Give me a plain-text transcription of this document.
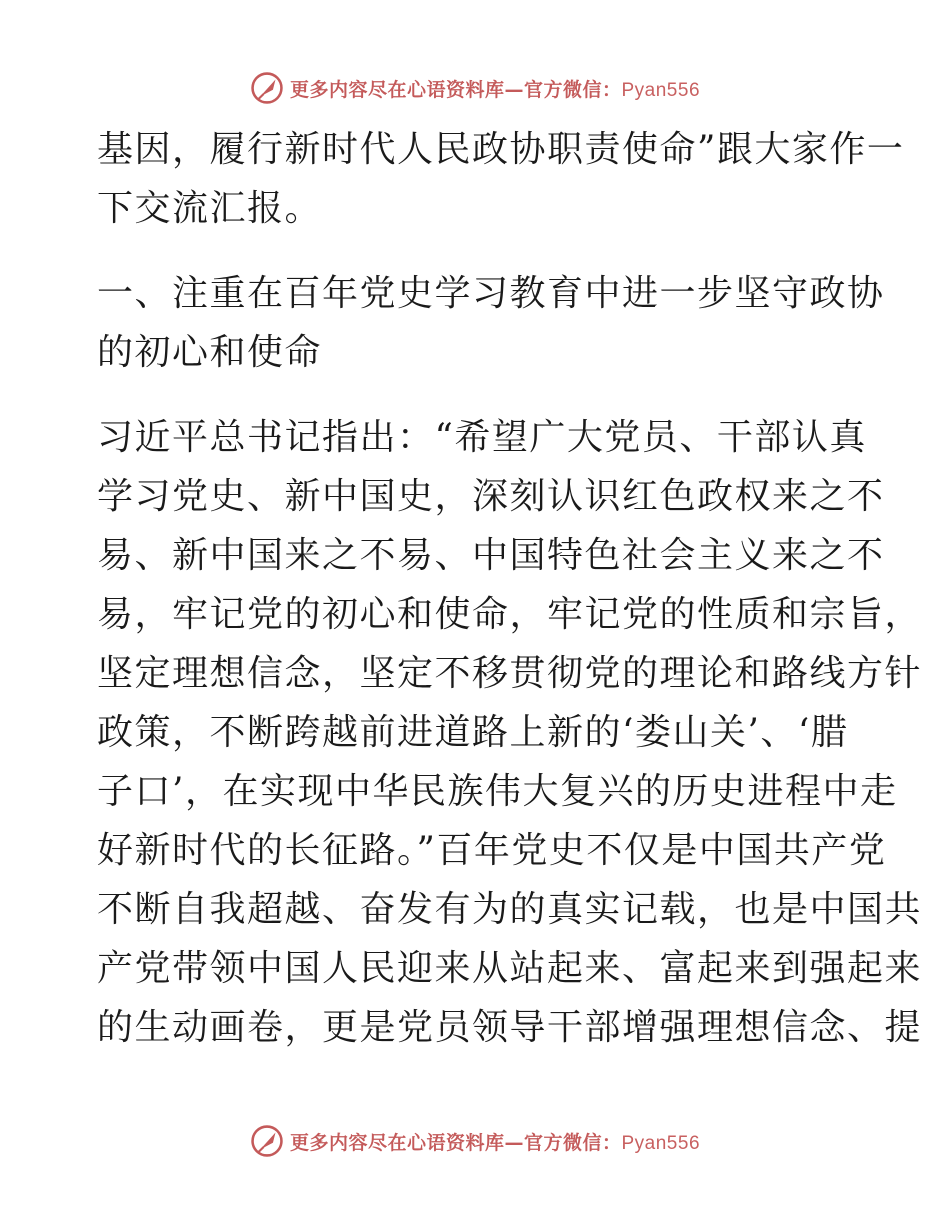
更多内容尽在心语资料库—官方微信：Pyan556
基因，履行新时代人民政协职责使命”跟大家作一
下交流汇报。
一、注重在百年党史学习教育中进一步坚守政协
的初心和使命
习近平总书记指出：“希望广大党员、干部认真
学习党史、新中国史，深刻认识红色政权来之不
易、新中国来之不易、中国特色社会主义来之不
易，牢记党的初心和使命，牢记党的性质和宗旨，
坚定理想信念，坚定不移贯彻党的理论和路线方针
政策，不断跨越前进道路上新的‘娄山关’、‘腊
子口’，在实现中华民族伟大复兴的历史进程中走
好新时代的长征路。”百年党史不仅是中国共产党
不断自我超越、奋发有为的真实记载，也是中国共
产党带领中国人民迎来从站起来、富起来到强起来
的生动画卷，更是党员领导干部增强理想信念、提
更多内容尽在心语资料库—官方微信：Pyan556
